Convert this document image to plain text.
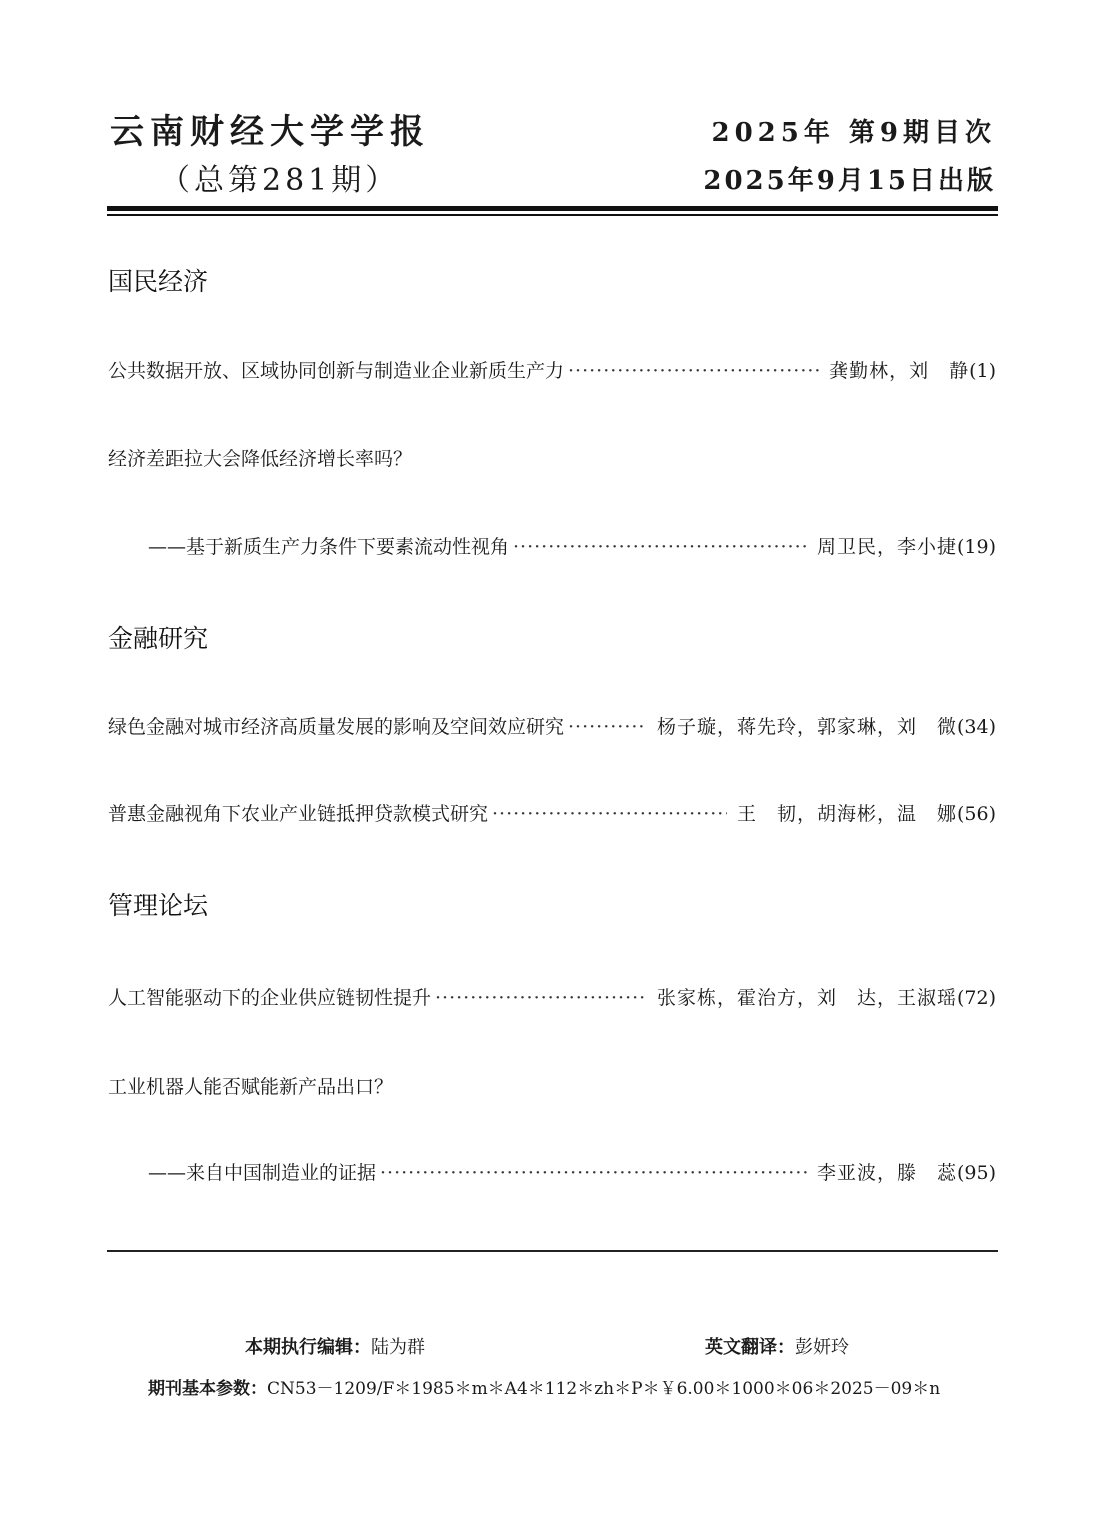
云南财经大学学报
（总第281期）
2025年 第9期目次
2025年9月15日出版
国民经济
公共数据开放、区域协同创新与制造业企业新质生产力 ·····	龚勤林，刘　静 (1)
经济差距拉大会降低经济增长率吗？
——基于新质生产力条件下要素流动性视角 ·····	周卫民，李小捷 (19)
金融研究
绿色金融对城市经济高质量发展的影响及空间效应研究 ·····	杨子璇，蒋先玲，郭家琳，刘　微 (34)
普惠金融视角下农业产业链抵押贷款模式研究 ·····	王　韧，胡海彬，温　娜 (56)
管理论坛
人工智能驱动下的企业供应链韧性提升 ·····	张家栋，霍治方，刘　达，王淑瑶 (72)
工业机器人能否赋能新产品出口？
——来自中国制造业的证据 ·····	李亚波，滕　蕊 (95)
本期执行编辑：陆为群	英文翻译：彭妍玲
期刊基本参数：CN53－1209/F＊1985＊m＊A4＊112＊zh＊P＊￥6.00＊1000＊06＊2025－09＊n
